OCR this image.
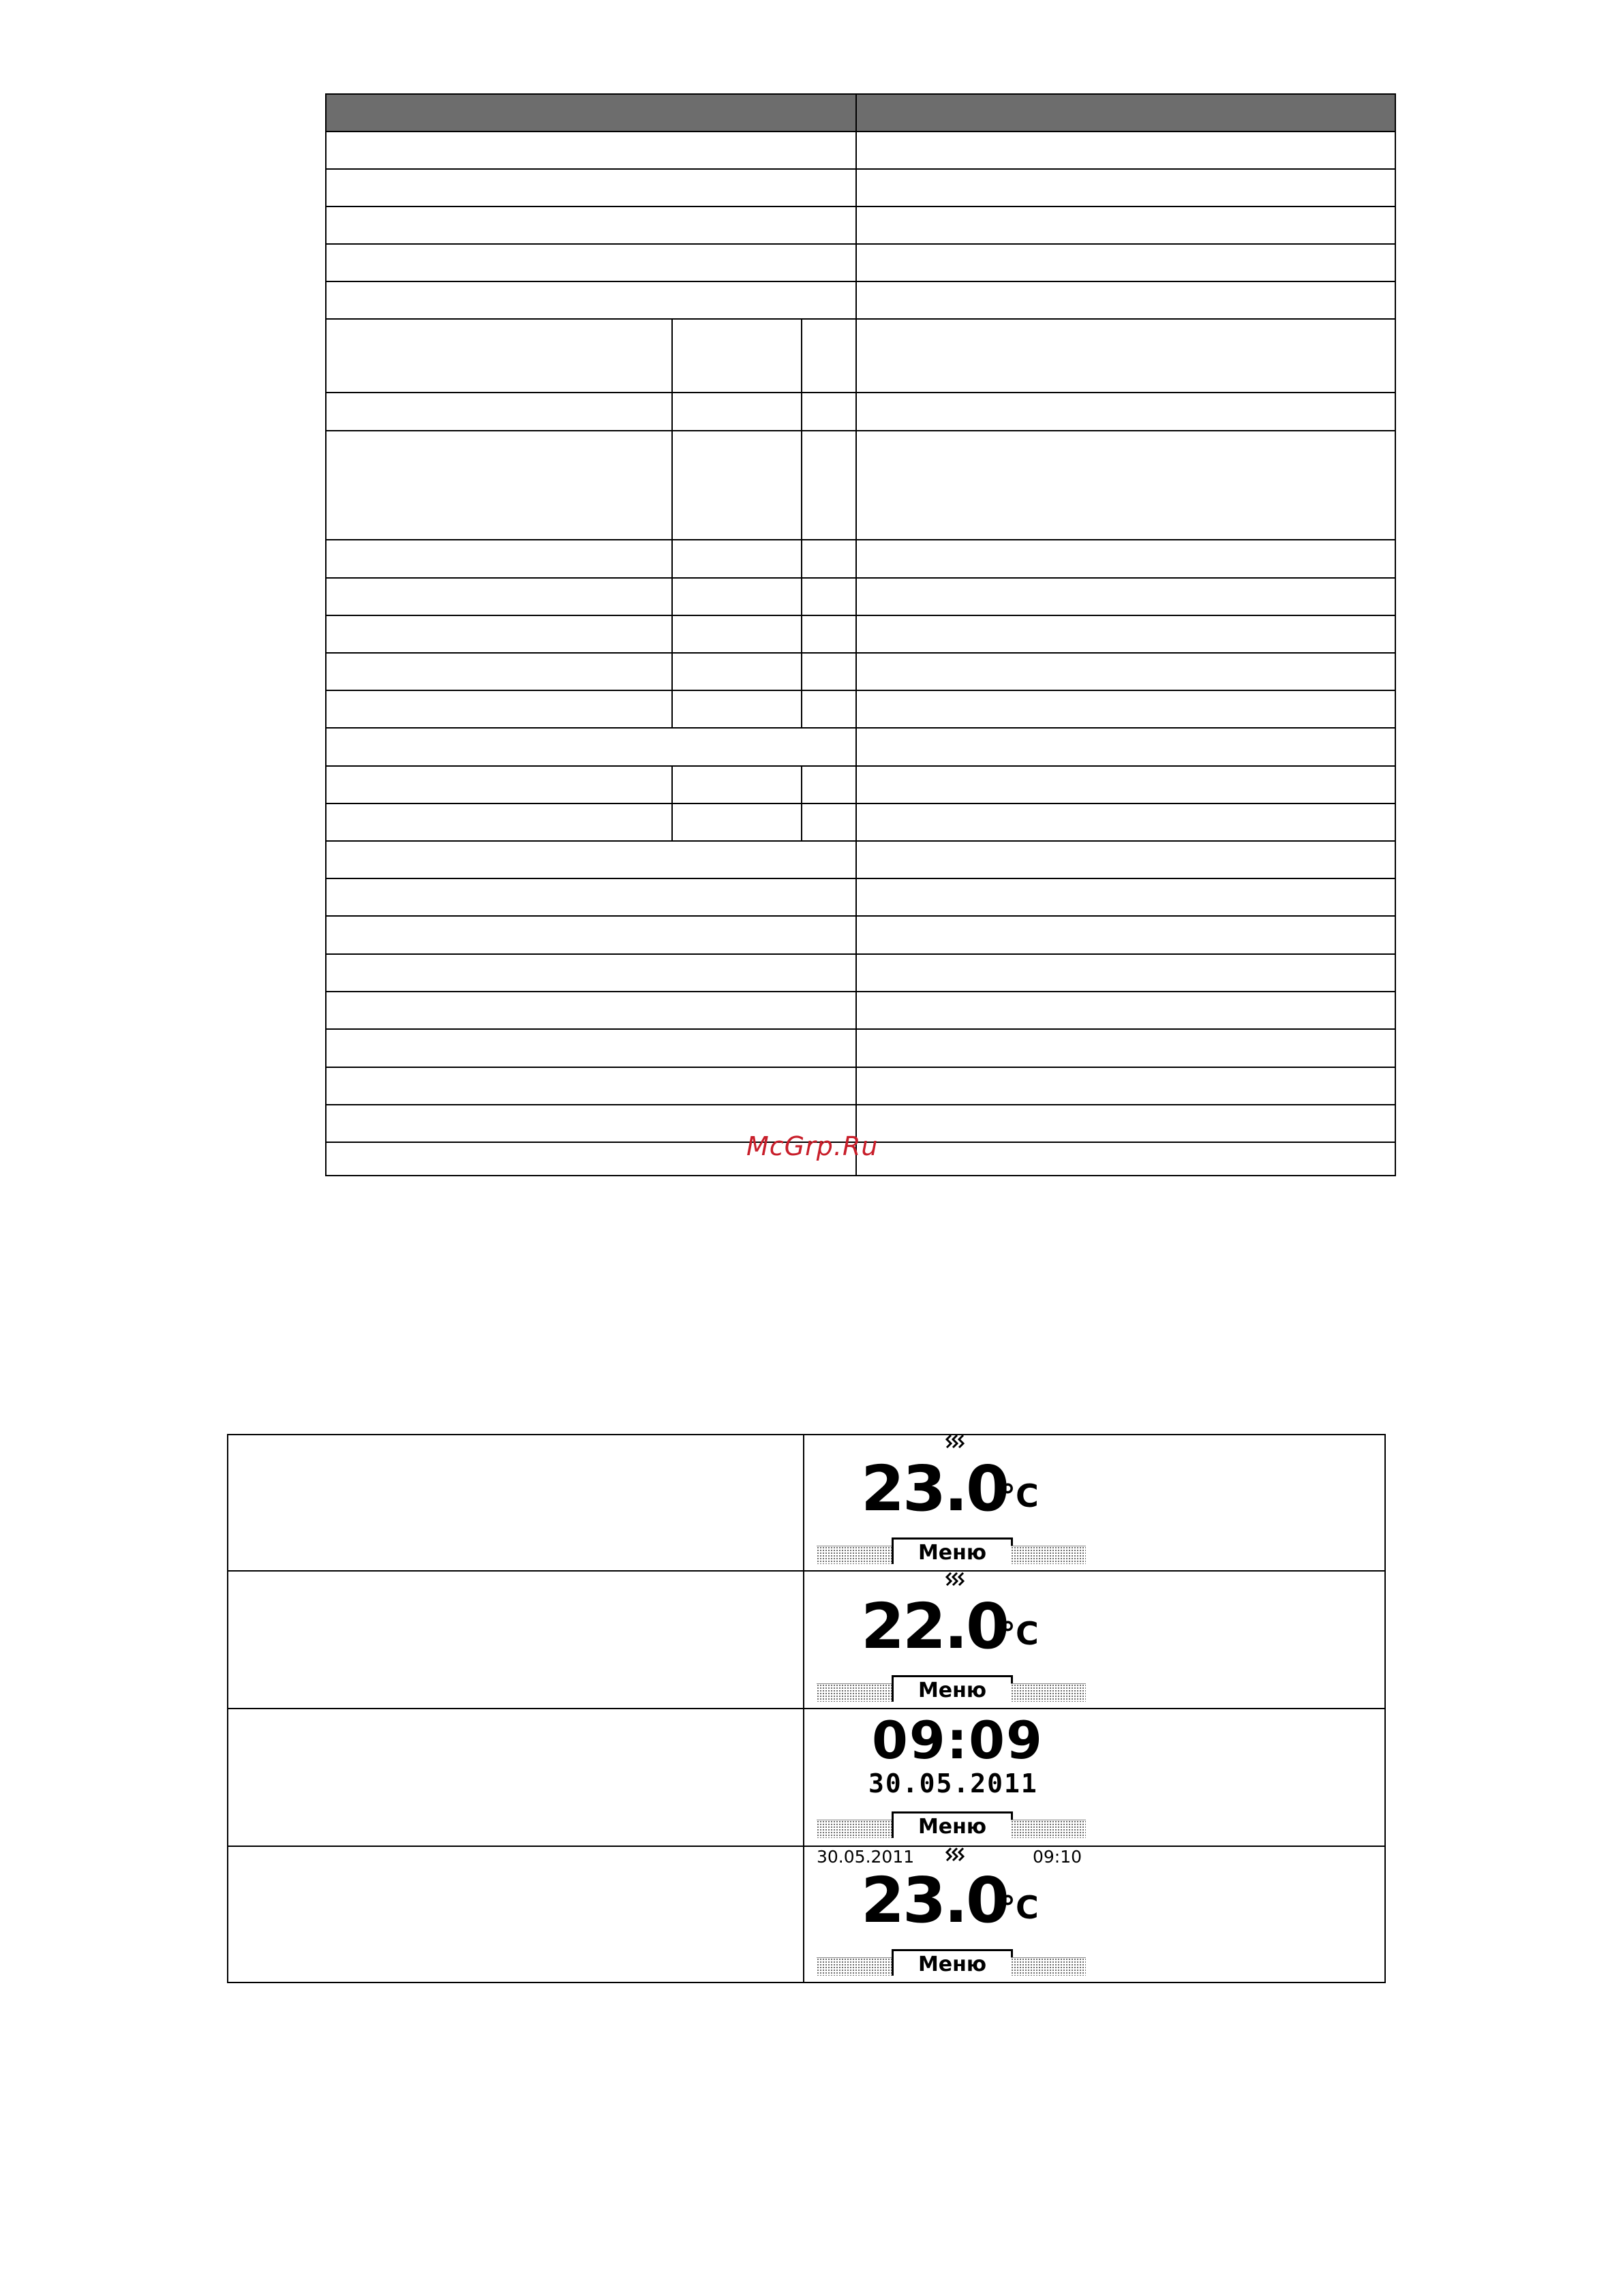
McGrp.Ru
23.0
°C
Меню
22.0
°C
Меню
09:09
30.05.2011
Меню
30.05.2011	09:10
23.0
°C
Меню
